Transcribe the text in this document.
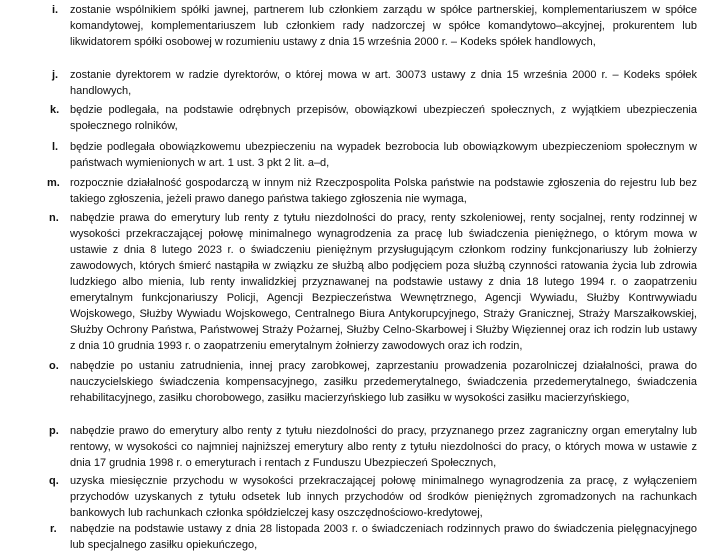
i. zostanie wspólnikiem spółki jawnej, partnerem lub członkiem zarządu w spółce partnerskiej, komplementariuszem w spółce komandytowej, komplementariuszem lub członkiem rady nadzorczej w spółce komandytowo–akcyjnej, prokurentem lub likwidatorem spółki osobowej w rozumieniu ustawy z dnia 15 września 2000 r. – Kodeks spółek handlowych,
j. zostanie dyrektorem w radzie dyrektorów, o której mowa w art. 30073 ustawy z dnia 15 września 2000 r. – Kodeks spółek handlowych,
k. będzie podlegała, na podstawie odrębnych przepisów, obowiązkowi ubezpieczeń społecznych, z wyjątkiem ubezpieczenia społecznego rolników,
l. będzie podlegała obowiązkowemu ubezpieczeniu na wypadek bezrobocia lub obowiązkowym ubezpieczeniom społecznym w państwach wymienionych w art. 1 ust. 3 pkt 2 lit. a–d,
m. rozpocznie działalność gospodarczą w innym niż Rzeczpospolita Polska państwie na podstawie zgłoszenia do rejestru lub bez takiego zgłoszenia, jeżeli prawo danego państwa takiego zgłoszenia nie wymaga,
n. nabędzie prawa do emerytury lub renty z tytułu niezdolności do pracy, renty szkoleniowej, renty socjalnej, renty rodzinnej w wysokości przekraczającej połowę minimalnego wynagrodzenia za pracę lub świadczenia pieniężnego, o którym mowa w ustawie z dnia 8 lutego 2023 r. o świadczeniu pieniężnym przysługującym członkom rodziny funkcjonariuszy lub żołnierzy zawodowych, których śmierć nastąpiła w związku ze służbą albo podjęciem poza służbą czynności ratowania życia lub zdrowia ludzkiego albo mienia, lub renty inwalidzkiej przyznawanej na podstawie ustawy z dnia 18 lutego 1994 r. o zaopatrzeniu emerytalnym funkcjonariuszy Policji, Agencji Bezpieczeństwa Wewnętrznego, Agencji Wywiadu, Służby Kontrwywiadu Wojskowego, Służby Wywiadu Wojskowego, Centralnego Biura Antykorupcyjnego, Straży Granicznej, Straży Marszałkowskiej, Służby Ochrony Państwa, Państwowej Straży Pożarnej, Służby Celno-Skarbowej i Służby Więziennej oraz ich rodzin lub ustawy z dnia 10 grudnia 1993 r. o zaopatrzeniu emerytalnym żołnierzy zawodowych oraz ich rodzin,
o. nabędzie po ustaniu zatrudnienia, innej pracy zarobkowej, zaprzestaniu prowadzenia pozarolniczej działalności, prawa do nauczycielskiego świadczenia kompensacyjnego, zasiłku przedemerytalnego, świadczenia przedemerytalnego, świadczenia rehabilitacyjnego, zasiłku chorobowego, zasiłku macierzyńskiego lub zasiłku w wysokości zasiłku macierzyńskiego,
p. nabędzie prawo do emerytury albo renty z tytułu niezdolności do pracy, przyznanego przez zagraniczny organ emerytalny lub rentowy, w wysokości co najmniej najniższej emerytury albo renty z tytułu niezdolności do pracy, o których mowa w ustawie z dnia 17 grudnia 1998 r. o emeryturach i rentach z Funduszu Ubezpieczeń Społecznych,
q. uzyska miesięcznie przychodu w wysokości przekraczającej połowę minimalnego wynagrodzenia za pracę, z wyłączeniem przychodów uzyskanych z tytułu odsetek lub innych przychodów od środków pieniężnych zgromadzonych na rachunkach bankowych lub rachunkach członka spółdzielczej kasy oszczędnościowo-kredytowej,
r. nabędzie na podstawie ustawy z dnia 28 listopada 2003 r. o świadczeniach rodzinnych prawo do świadczenia pielęgnacyjnego lub specjalnego zasiłku opiekuńczego,
